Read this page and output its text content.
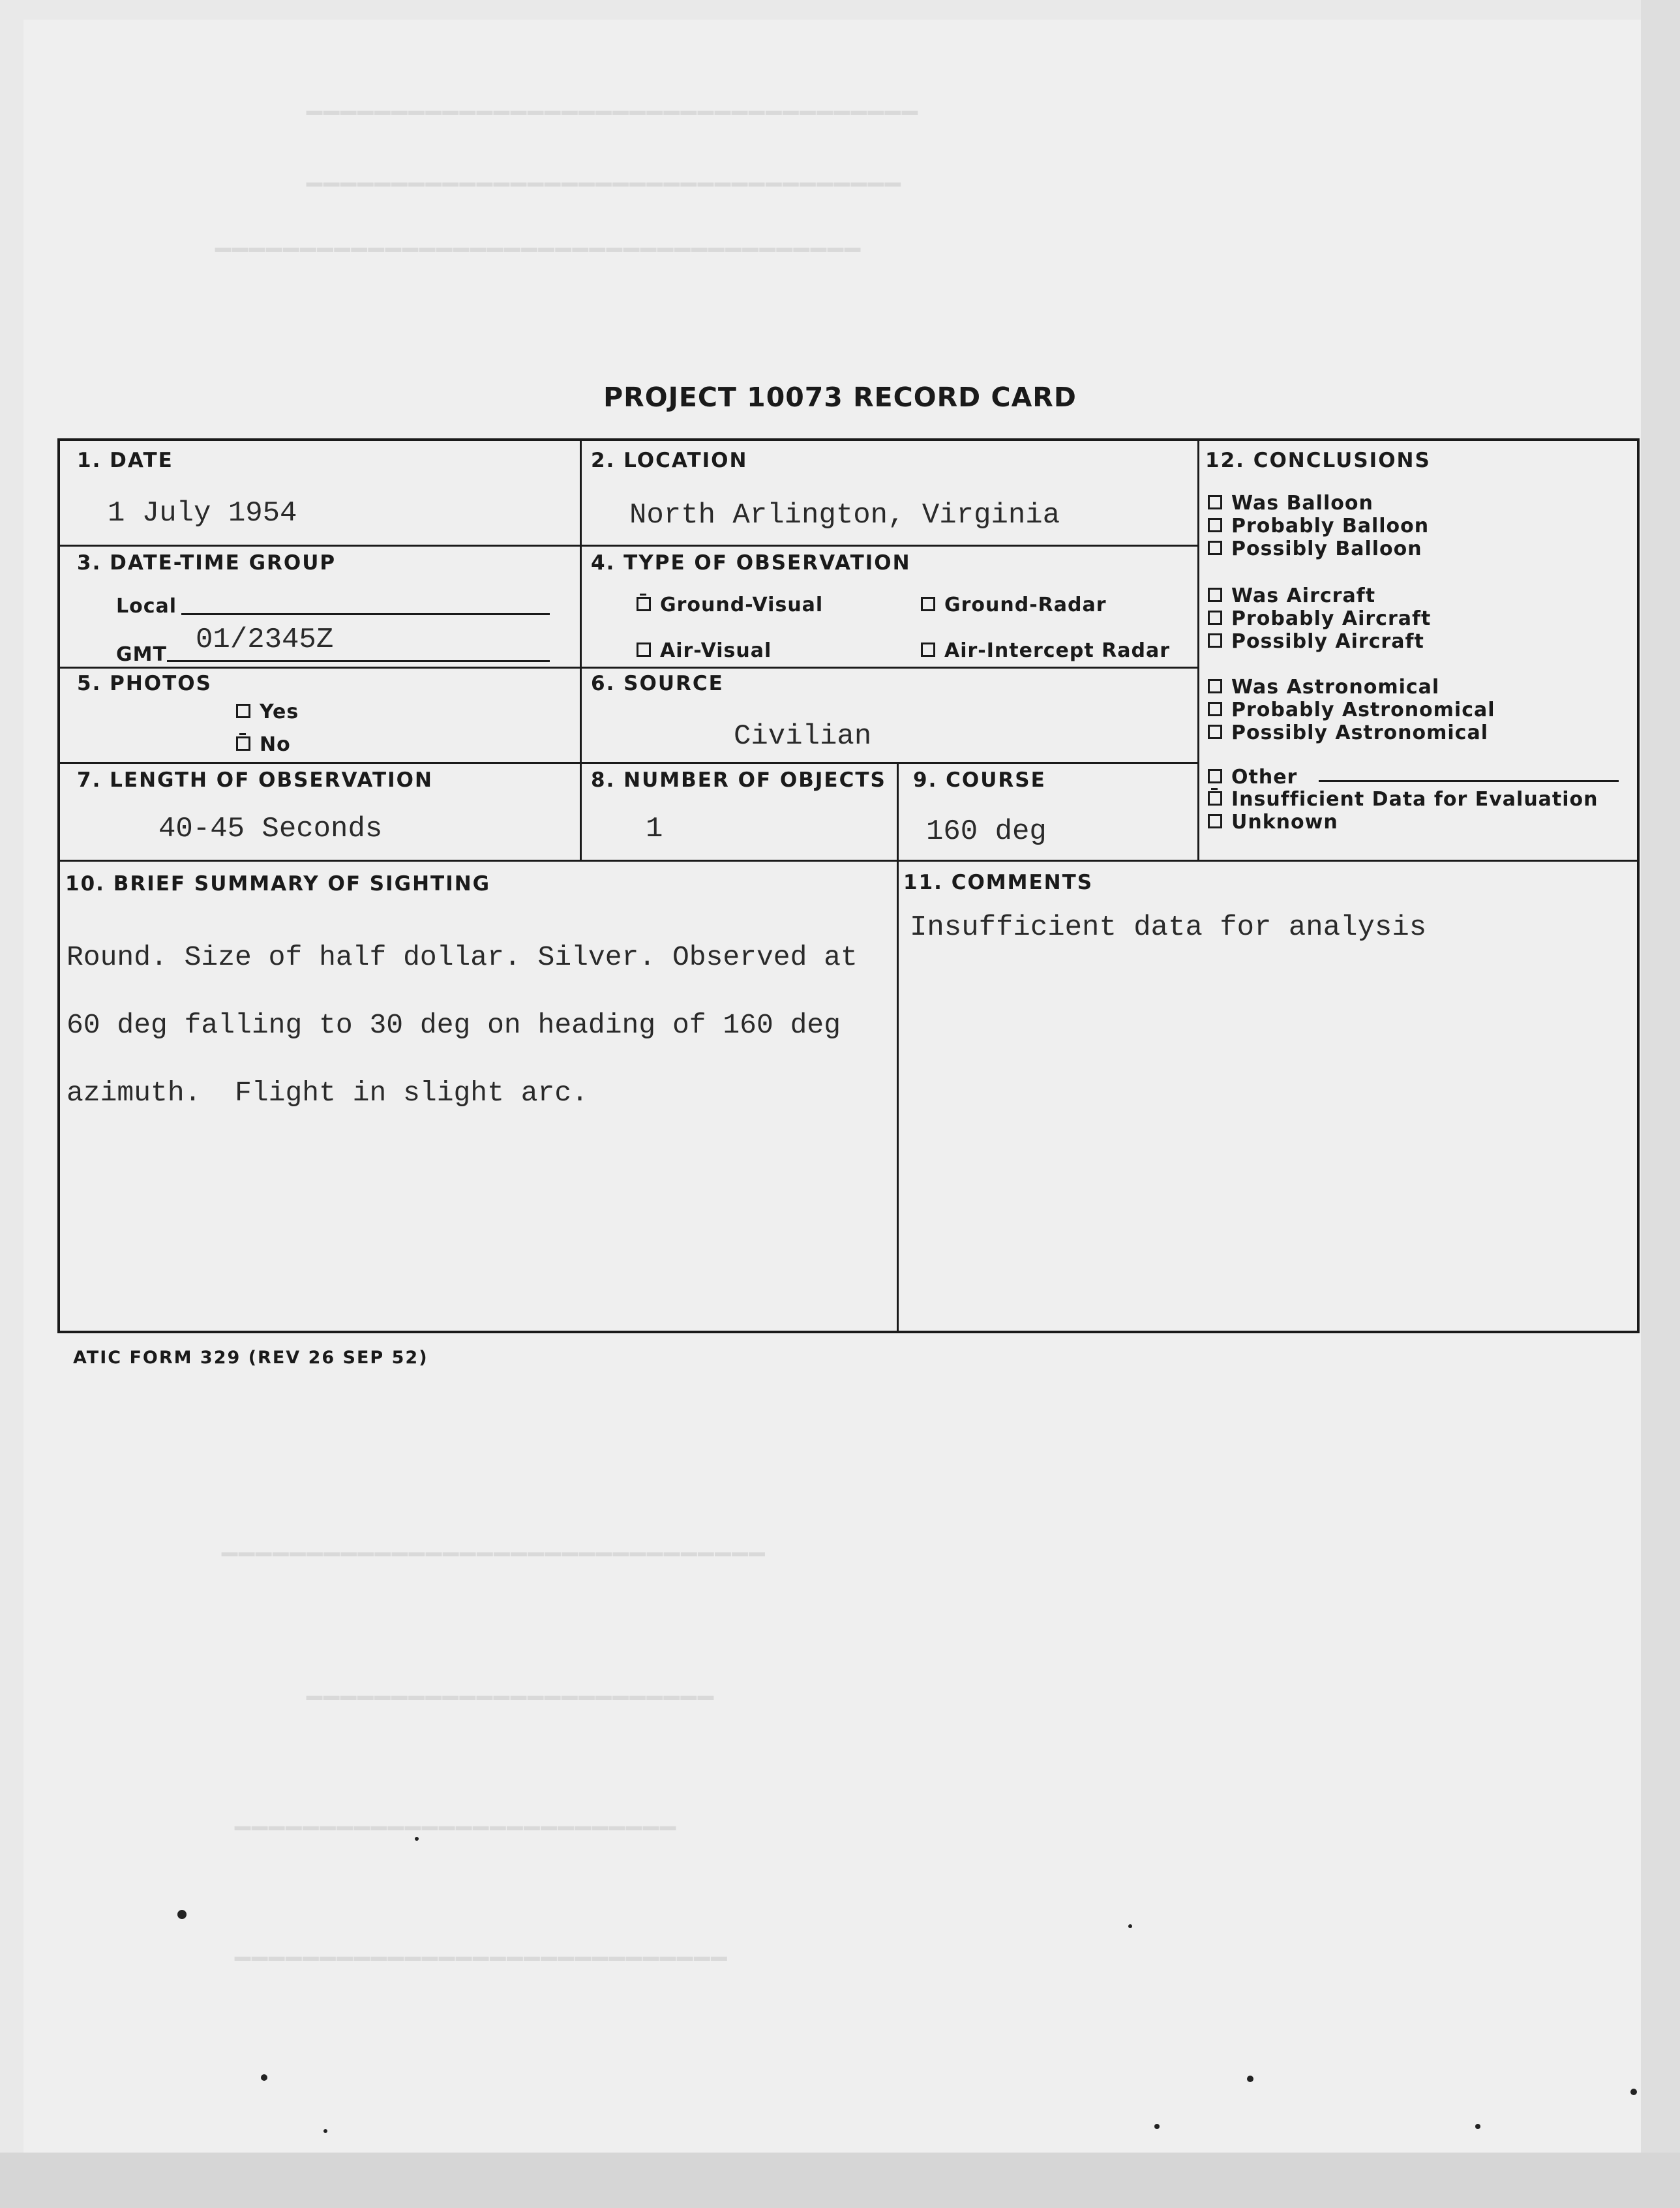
▁▁▁▁▁▁▁▁▁▁▁▁▁▁▁▁▁▁▁▁▁▁▁▁▁▁▁▁▁▁▁▁▁▁▁▁
▁▁▁▁▁▁▁▁▁▁▁▁▁▁▁▁▁▁▁▁▁▁▁▁▁▁▁▁▁▁▁▁▁▁▁
▁▁▁▁▁▁▁▁▁▁▁▁▁▁▁▁▁▁▁▁▁▁▁▁▁▁▁▁▁▁▁▁▁▁▁▁▁▁
▁▁▁▁▁▁▁▁▁▁▁▁▁▁▁▁▁▁▁▁▁▁▁▁▁▁▁▁▁▁▁▁
▁▁▁▁▁▁▁▁▁▁▁▁▁▁▁▁▁▁▁▁▁▁▁▁
▁▁▁▁▁▁▁▁▁▁▁▁▁▁▁▁▁▁▁▁▁▁▁▁▁▁
▁▁▁▁▁▁▁▁▁▁▁▁▁▁▁▁▁▁▁▁▁▁▁▁▁▁▁▁▁
PROJECT 10073 RECORD CARD
1. DATE
1 July 1954
2. LOCATION
North Arlington, Virginia
3. DATE-TIME GROUP
Local
GMT 01/2345Z
4. TYPE OF OBSERVATION
Ground-Visual	Ground-Radar
Air-Visual	Air-Intercept Radar
5. PHOTOS
Yes
No
6. SOURCE
Civilian
7. LENGTH OF OBSERVATION
40-45 Seconds
8. NUMBER OF OBJECTS
1
9. COURSE
160 deg
10. BRIEF SUMMARY OF SIGHTING

Round. Size of half dollar. Silver. Observed at

60 deg falling to 30 deg on heading of 160 deg

azimuth.  Flight in slight arc.

11. COMMENTS
Insufficient data for analysis
12. CONCLUSIONS
Was Balloon
Probably Balloon
Possibly Balloon
Was Aircraft
Probably Aircraft
Possibly Aircraft
Was Astronomical
Probably Astronomical
Possibly Astronomical
Other
Insufficient Data for Evaluation
Unknown
ATIC FORM 329 (REV 26 SEP 52)
